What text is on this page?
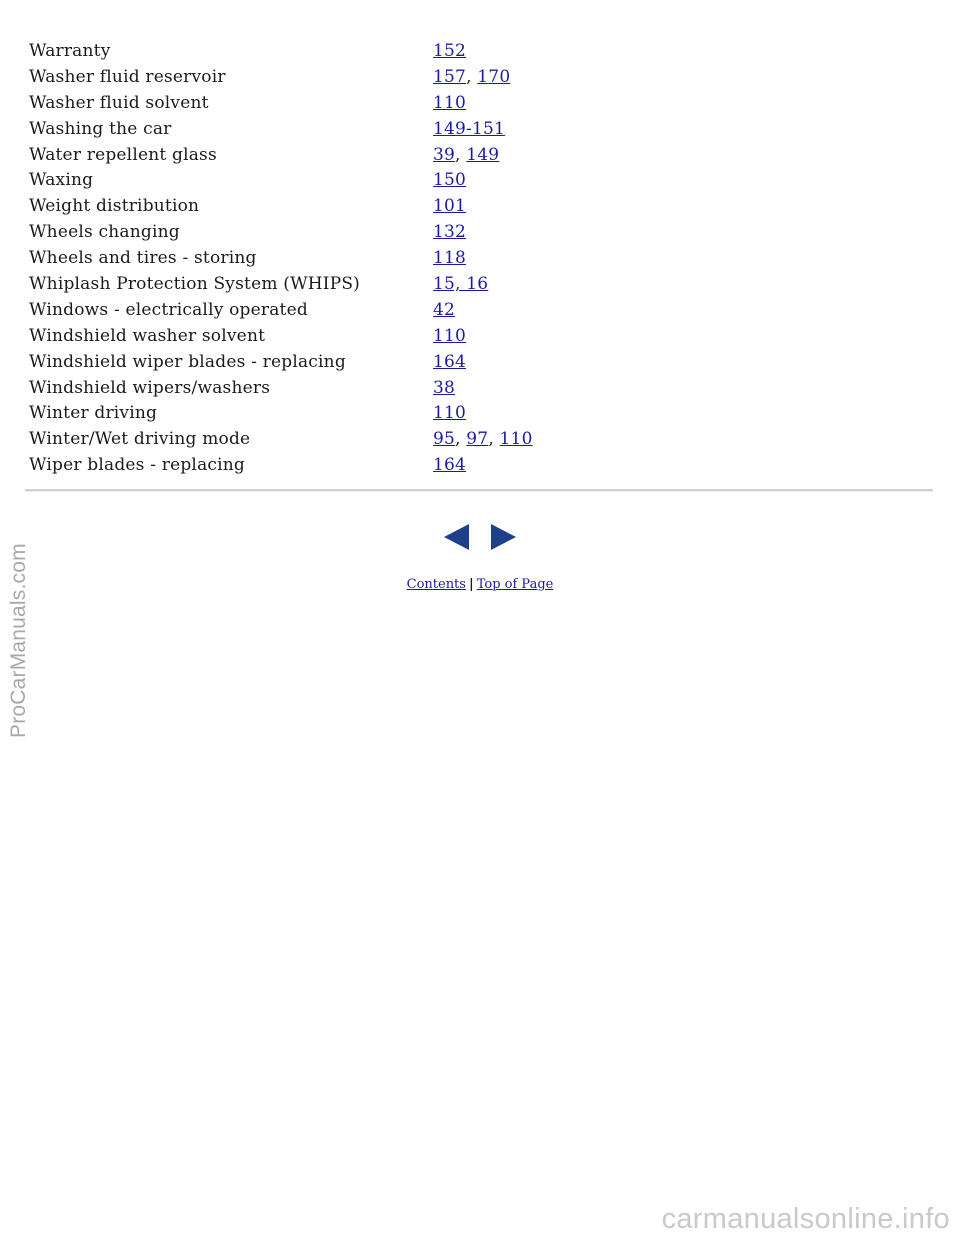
Warranty	152
Washer fluid reservoir	157, 170
Washer fluid solvent	110
Washing the car	149-151
Water repellent glass	39, 149
Waxing	150
Weight distribution	101
Wheels changing	132
Wheels and tires - storing	118
Whiplash Protection System (WHIPS)	15, 16
Windows - electrically operated	42
Windshield washer solvent	110
Windshield wiper blades - replacing	164
Windshield wipers/washers	38
Winter driving	110
Winter/Wet driving mode	95, 97, 110
Wiper blades - replacing	164
Contents | Top of Page
ProCarManuals.com
carmanualsonline.info
